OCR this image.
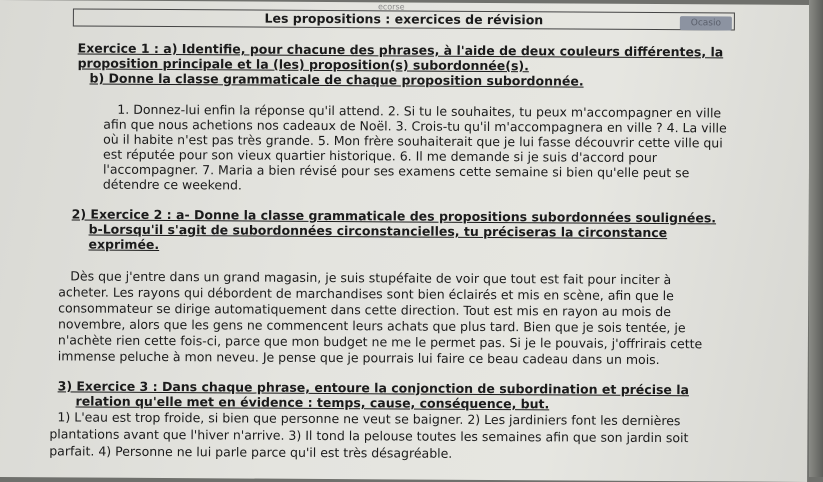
ecorse
Les propositions : exercices de révision	Ocasio
Exercice 1 : a) Identifie, pour chacune des phrases, à l'aide de deux couleurs différentes, la
proposition principale et la (les) proposition(s) subordonnée(s).
b) Donne la classe grammaticale de chaque proposition subordonnée.
1. Donnez-lui enfin la réponse qu'il attend. 2. Si tu le souhaites, tu peux m'accompagner en ville
afin que nous achetions nos cadeaux de Noël. 3. Crois-tu qu'il m'accompagnera en ville ? 4. La ville
où il habite n'est pas très grande. 5. Mon frère souhaiterait que je lui fasse découvrir cette ville qui
est réputée pour son vieux quartier historique. 6. Il me demande si je suis d'accord pour
l'accompagner. 7. Maria a bien révisé pour ses examens cette semaine si bien qu'elle peut se
détendre ce weekend.
2) Exercice 2 : a- Donne la classe grammaticale des propositions subordonnées soulignées.
b-Lorsqu'il s'agit de subordonnées circonstancielles, tu préciseras la circonstance
exprimée.
Dès que j'entre dans un grand magasin, je suis stupéfaite de voir que tout est fait pour inciter à
acheter. Les rayons qui débordent de marchandises sont bien éclairés et mis en scène, afin que le
consommateur se dirige automatiquement dans cette direction. Tout est mis en rayon au mois de
novembre, alors que les gens ne commencent leurs achats que plus tard. Bien que je sois tentée, je
n'achète rien cette fois-ci, parce que mon budget ne me le permet pas. Si je le pouvais, j'offrirais cette
immense peluche à mon neveu. Je pense que je pourrais lui faire ce beau cadeau dans un mois.
3) Exercice 3 : Dans chaque phrase, entoure la conjonction de subordination et précise la
relation qu'elle met en évidence : temps, cause, conséquence, but.
1) L'eau est trop froide, si bien que personne ne veut se baigner. 2) Les jardiniers font les dernières
plantations avant que l'hiver n'arrive. 3) Il tond la pelouse toutes les semaines afin que son jardin soit
parfait. 4) Personne ne lui parle parce qu'il est très désagréable.
